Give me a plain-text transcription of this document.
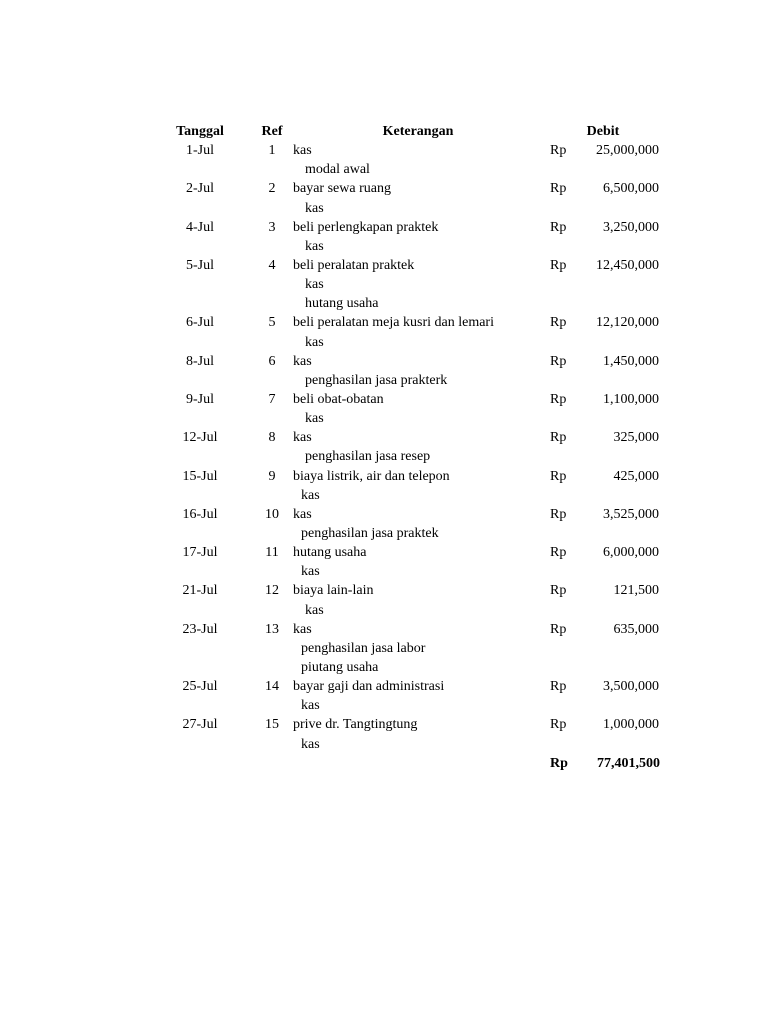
Tanggal	Ref	Keterangan	Debit
1-Jul	1	kas	Rp	25,000,000
modal awal
2-Jul	2	bayar sewa ruang	Rp	6,500,000
kas
4-Jul	3	beli perlengkapan praktek	Rp	3,250,000
kas
5-Jul	4	beli peralatan praktek	Rp	12,450,000
kas
hutang usaha
6-Jul	5	beli peralatan meja kusri dan lemari	Rp	12,120,000
kas
8-Jul	6	kas	Rp	1,450,000
penghasilan jasa prakterk
9-Jul	7	beli obat-obatan	Rp	1,100,000
kas
12-Jul	8	kas	Rp	325,000
penghasilan jasa resep
15-Jul	9	biaya listrik, air dan telepon	Rp	425,000
kas
16-Jul	10	kas	Rp	3,525,000
penghasilan jasa praktek
17-Jul	11	hutang usaha	Rp	6,000,000
kas
21-Jul	12	biaya lain-lain	Rp	121,500
kas
23-Jul	13	kas	Rp	635,000
penghasilan jasa labor
piutang usaha
25-Jul	14	bayar gaji dan administrasi	Rp	3,500,000
kas
27-Jul	15	prive dr. Tangtingtung	Rp	1,000,000
kas
Rp	77,401,500
